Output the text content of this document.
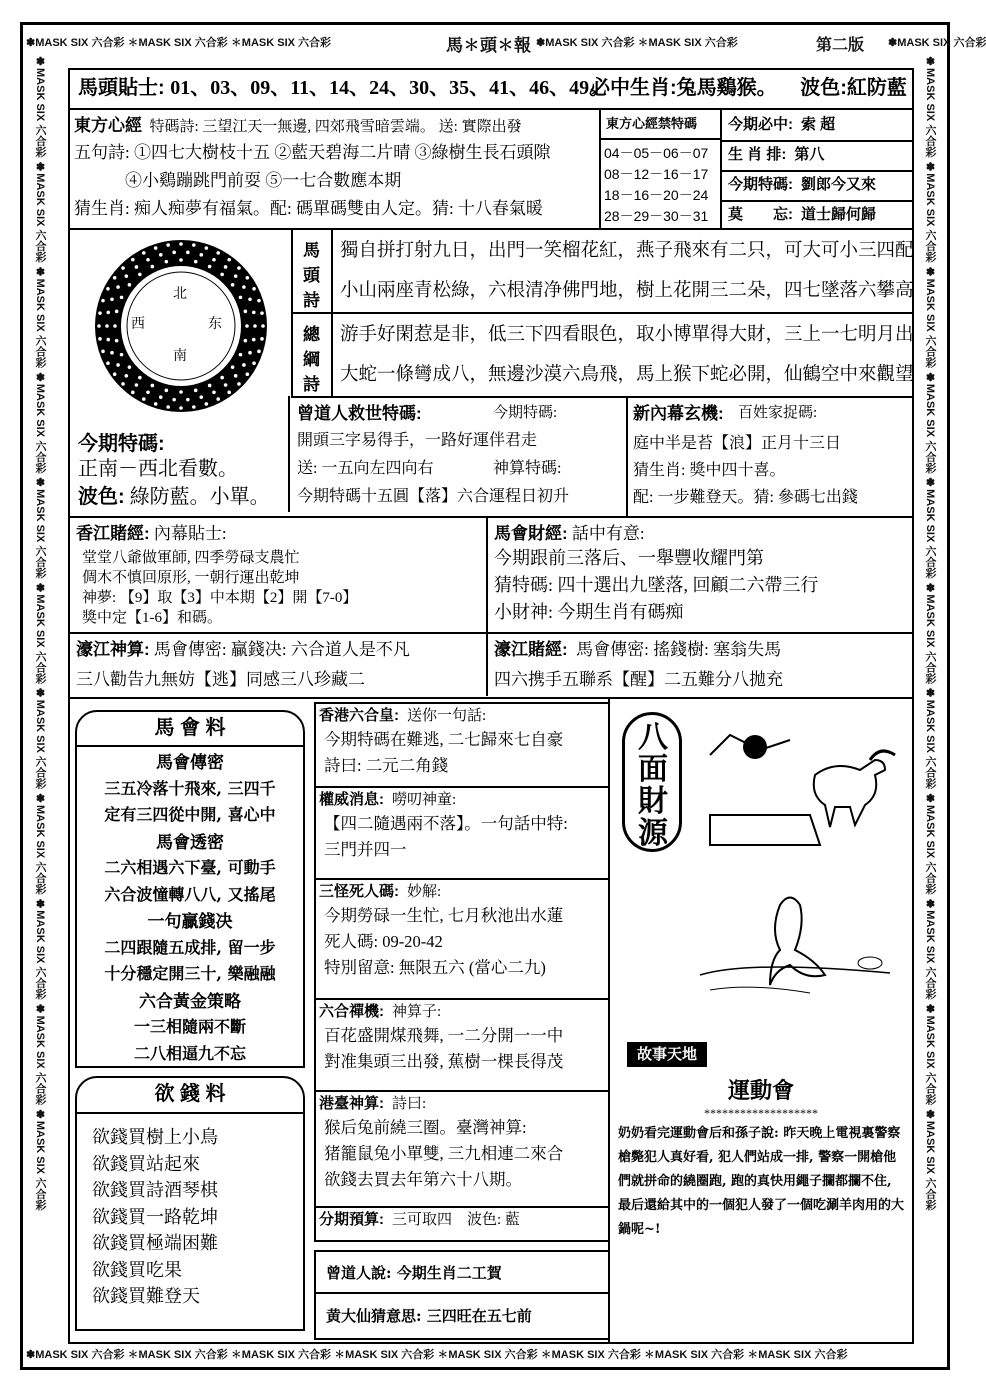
✽MASK SIX 六合彩 ✽MASK SIX 六合彩 ✽MASK SIX 六合彩	馬✽頭✽報 ✽MASK SIX 六合彩 ✽MASK SIX 六合彩	第二版 ✽MASK SIX 六合彩
✽MASK SIX 六合彩 ✽MASK SIX 六合彩 ✽MASK SIX 六合彩 ✽MASK SIX 六合彩 ✽MASK SIX 六合彩 ✽MASK SIX 六合彩 ✽MASK SIX 六合彩 ✽MASK SIX 六合彩
✽MASK SIX 六合彩 ✽MASK SIX 六合彩 ✽MASK SIX 六合彩 ✽MASK SIX 六合彩 ✽MASK SIX 六合彩 ✽MASK SIX 六合彩 ✽MASK SIX 六合彩 ✽MASK SIX 六合彩 ✽MASK SIX 六合彩 ✽MASK SIX 六合彩 ✽MASK SIX 六合彩	✽MASK SIX 六合彩 ✽MASK SIX 六合彩 ✽MASK SIX 六合彩 ✽MASK SIX 六合彩 ✽MASK SIX 六合彩 ✽MASK SIX 六合彩 ✽MASK SIX 六合彩 ✽MASK SIX 六合彩 ✽MASK SIX 六合彩 ✽MASK SIX 六合彩 ✽MASK SIX 六合彩
馬頭貼士: 01、03、09、11、14、24、30、35、41、46、49。
必中生肖:兔馬鷄猴。 波色:紅防藍
東方心經 特碼詩: 三望江天一無邊, 四郊飛雪暗雲端。 送: 實際出發
五句詩: ①四七大樹枝十五 ②藍天碧海二片晴 ③綠樹生長石頭隙
④小鷄蹦跳門前耍 ⑤一七合數應本期
猜生肖: 痴人痴夢有福氣。配: 碼單碼雙由人定。猜: 十八春氣暖
東方心經禁特碼
04－05－06－07
08－12－16－17
18－16－20－24
28－29－30－31
今期必中: 索 超
生 肖 排: 第八
今期特碼: 劉郎今又來
莫　　忘: 道士歸何歸
北
西	东
南
馬
頭
詩
獨自拼打射九日，出門一笑榴花紅，燕子飛來有二只，可大可小三四配
小山兩座青松綠，六根清净佛門地，樹上花開三二朵，四七墜落六攀高
總
綱
詩
游手好閑惹是非，低三下四看眼色，取小博單得大財，三上一七明月出
大蛇一條彎成八，無邊沙漠六鳥飛，馬上猴下蛇必開，仙鶴空中來觀望
今期特碼:
正南－西北看數。
波色: 綠防藍。小單。
曾道人救世特碼:	今期特碼:
開頭三字易得手，一路好運伴君走
送: 一五向左四向右	神算特碼:
今期特碼十五圓【落】六合運程日初升
新內幕玄機: 百姓家捉碼:
庭中半是苔【浪】正月十三日
猜生肖: 獎中四十喜。
配: 一步難登天。猜: 參碼七出錢
香江賭經: 內幕貼士:
堂堂八爺做軍師, 四季勞碌支農忙
倜木不慎回原形, 一朝行運出乾坤
神夢: 【9】取【3】中本期【2】開【7-0】
獎中定【1-6】和碼。
馬會財經: 話中有意:
今期跟前三落后、一舉豐收耀門第
猜特碼: 四十選出九墜落, 回顧二六帶三行
小財神: 今期生肖有碼痴
濠江神算: 馬會傳密: 贏錢决: 六合道人是不凡
三八勸告九無妨【逃】同感三八珍藏二
濠江賭經: 馬會傳密: 搖錢樹: 塞翁失馬
四六携手五聯系【醒】二五難分八拋充
馬 會 料
馬會傳密
三五冷落十飛來, 三四千
定有三四從中開, 喜心中
馬會透密
二六相遇六下臺, 可動手
六合波憧轉八八, 又搖尾
一句贏錢决
二四跟隨五成排, 留一步
十分穩定開三十, 樂融融
六合黃金策略
一三相隨兩不斷
二八相逼九不忘
欲 錢 料
欲錢買樹上小鳥
欲錢買站起來
欲錢買詩酒琴棋
欲錢買一路乾坤
欲錢買極端困難
欲錢買吃果
欲錢買難登天
香港六合皇: 送你一句話:
今期特碼在難逃, 二七歸來七自豪
詩曰: 二元二角錢
權威消息: 嘮叨神童:
【四二隨遇兩不落】。一句話中特:
三門并四一
三怪死人碼: 妙解:
今期勞碌一生忙, 七月秋池出水蓮
死人碼: 09-20-42
特別留意: 無限五六 (當心二九)
六合禪機: 神算子:
百花盛開煤飛舞, 一二分開一一中
對准集頭三出發, 蕉樹一棵長得茂
港臺神算: 詩曰:
猴后兔前繞三圈。臺灣神算:
猪籠鼠兔小單雙, 三九相連二來合
欲錢去買去年第六十八期。
分期預算: 三可取四　波色: 藍
曾道人說: 今期生肖二工賀
黄大仙猜意思: 三四旺在五七前
八面財源
故事天地
運動會
*******************
奶奶看完運動會后和孫子說: 昨天晚上電視裏警察槍斃犯人真好看, 犯人們站成一排, 警察一開槍他們就拼命的繞圈跑, 跑的真快用繩子攔都攔不住, 最后還給其中的一個犯人發了一個吃涮羊肉用的大鍋呢~!
